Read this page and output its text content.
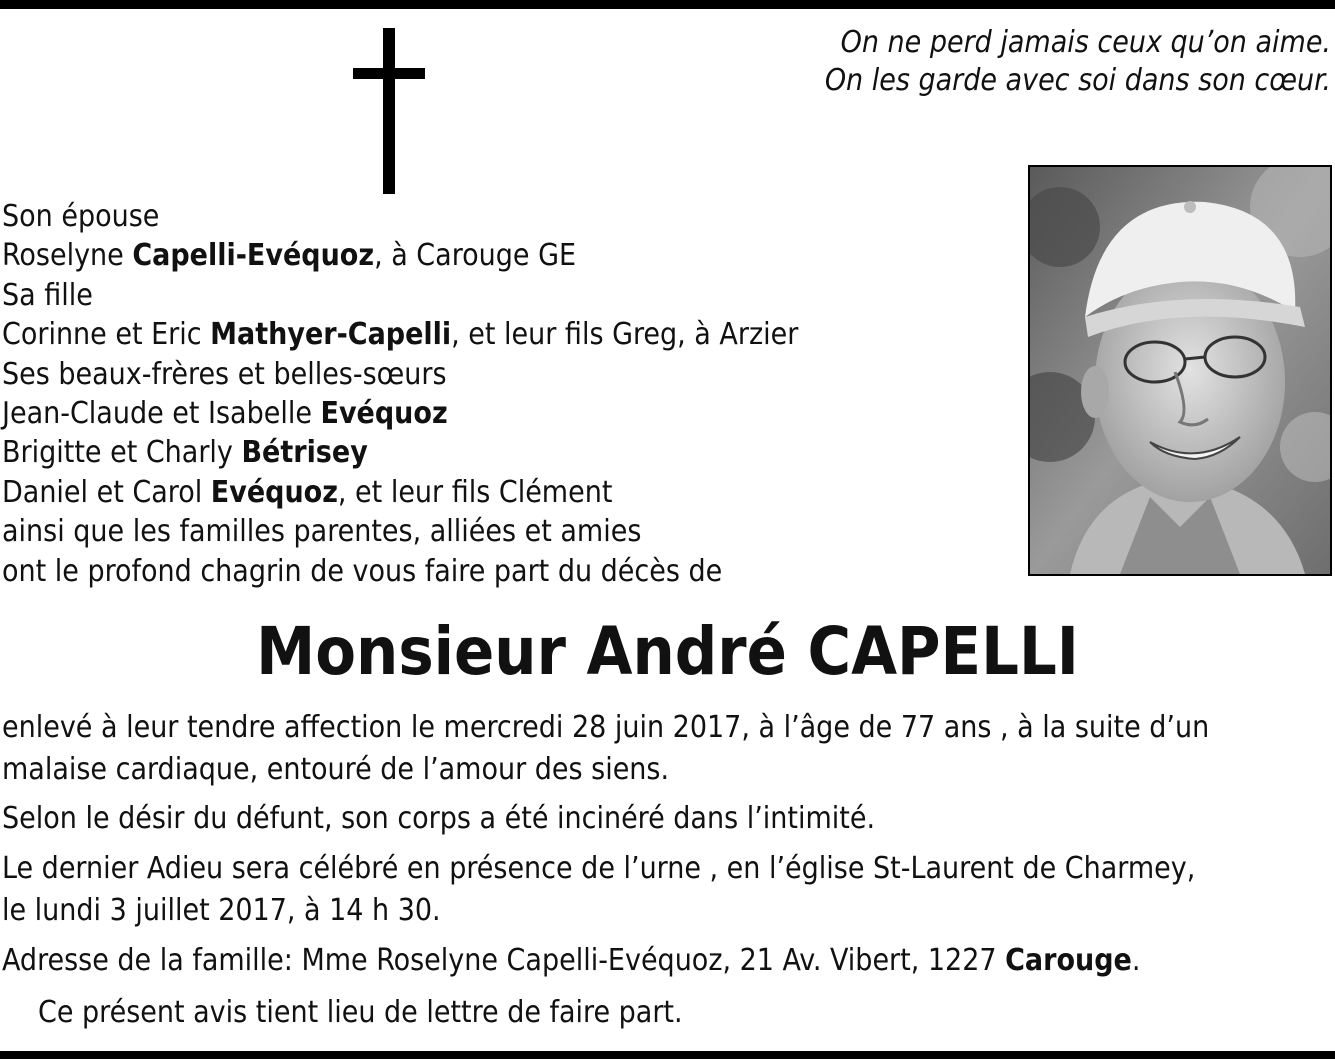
On ne perd jamais ceux qu’on aime.
On les garde avec soi dans son cœur.
Son épouse
Roselyne Capelli-Evéquoz, à Carouge GE
Sa fille
Corinne et Eric Mathyer-Capelli, et leur fils Greg, à Arzier
Ses beaux-frères et belles-sœurs
Jean-Claude et Isabelle Evéquoz
Brigitte et Charly Bétrisey
Daniel et Carol Evéquoz, et leur fils Clément
ainsi que les familles parentes, alliées et amies
ont le profond chagrin de vous faire part du décès de
Monsieur André CAPELLI
enlevé à leur tendre affection le mercredi 28 juin 2017, à l’âge de 77 ans , à la suite d’un
malaise cardiaque, entouré de l’amour des siens.
Selon le désir du défunt, son corps a été incinéré dans l’intimité.
Le dernier Adieu sera célébré en présence de l’urne , en l’église St-Laurent de Charmey,
le lundi 3 juillet 2017, à 14 h 30.
Adresse de la famille: Mme Roselyne Capelli-Evéquoz, 21 Av. Vibert, 1227 Carouge.
Ce présent avis tient lieu de lettre de faire part.
